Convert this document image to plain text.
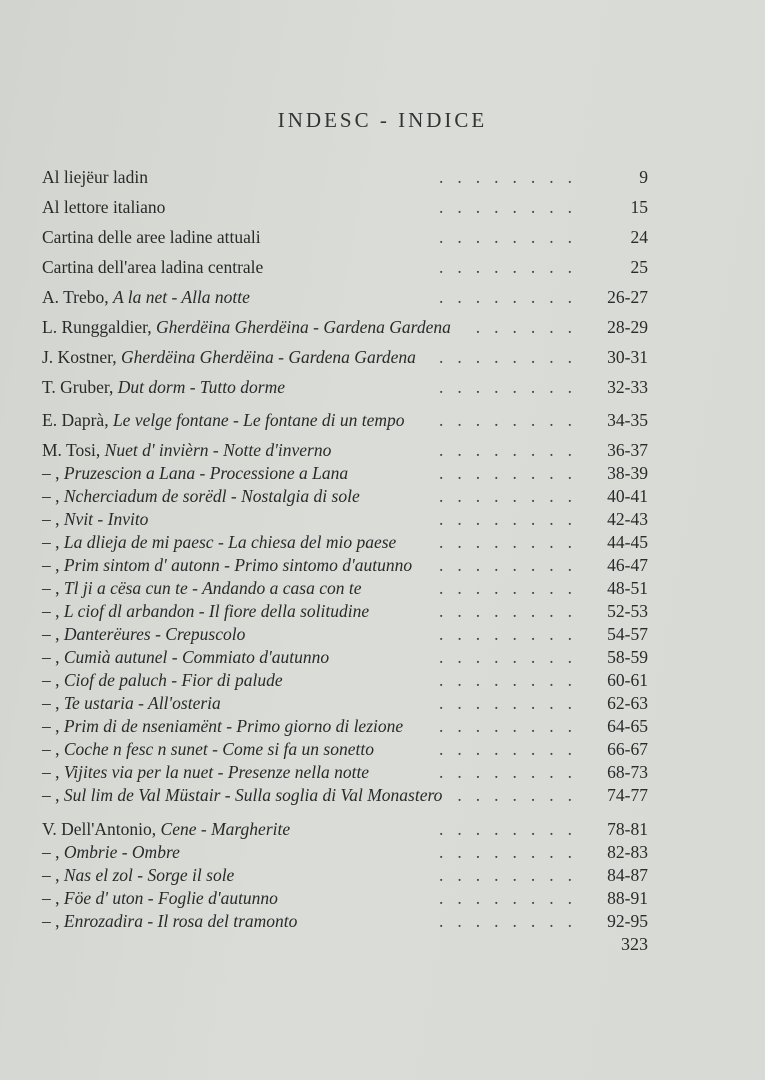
INDESC - INDICE
Al liejëur ladin	........	9
Al lettore italiano	........	15
Cartina delle aree ladine attuali	........	24
Cartina dell'area ladina centrale	........	25
A. Trebo, A la net - Alla notte	........ 26-27
L. Runggaldier, Gherdëina Gherdëina - Gardena Gardena ...... 28-29
J. Kostner, Gherdëina Gherdëina - Gardena Gardena ........ 30-31
T. Gruber, Dut dorm - Tutto dorme	........ 32-33
E. Daprà, Le velge fontane - Le fontane di un tempo ........ 34-35
M. Tosi, Nuet d' invièrn - Notte d'inverno	........ 36-37
– , Pruzescion a Lana - Processione a Lana	........ 38-39
– , Ncherciadum de sorëdl - Nostalgia di sole	........ 40-41
– , Nvit - Invito	........ 42-43
– , La dlieja de mi paesc - La chiesa del mio paese ........ 44-45
– , Prim sintom d' autonn - Primo sintomo d'autunno ........ 46-47
– , Tl ji a cësa cun te - Andando a casa con te	........ 48-51
– , L ciof dl arbandon - Il fiore della solitudine	........ 52-53
– , Danterëures - Crepuscolo	........ 54-57
– , Cumià autunel - Commiato d'autunno	........ 58-59
– , Ciof de paluch - Fior di palude	........ 60-61
– , Te ustaria - All'osteria	........ 62-63
– , Prim di de nseniamënt - Primo giorno di lezione ........ 64-65
– , Coche n fesc n sunet - Come si fa un sonetto	........ 66-67
– , Vijites via per la nuet - Presenze nella notte	........ 68-73
– , Sul lim de Val Müstair - Sulla soglia di Val Monastero ....... 74-77
V. Dell'Antonio, Cene - Margherite	........ 78-81
– , Ombrie - Ombre	........ 82-83
– , Nas el zol - Sorge il sole	........ 84-87
– , Föe d' uton - Foglie d'autunno	........ 88-91
– , Enrozadira - Il rosa del tramonto	........ 92-95
323
